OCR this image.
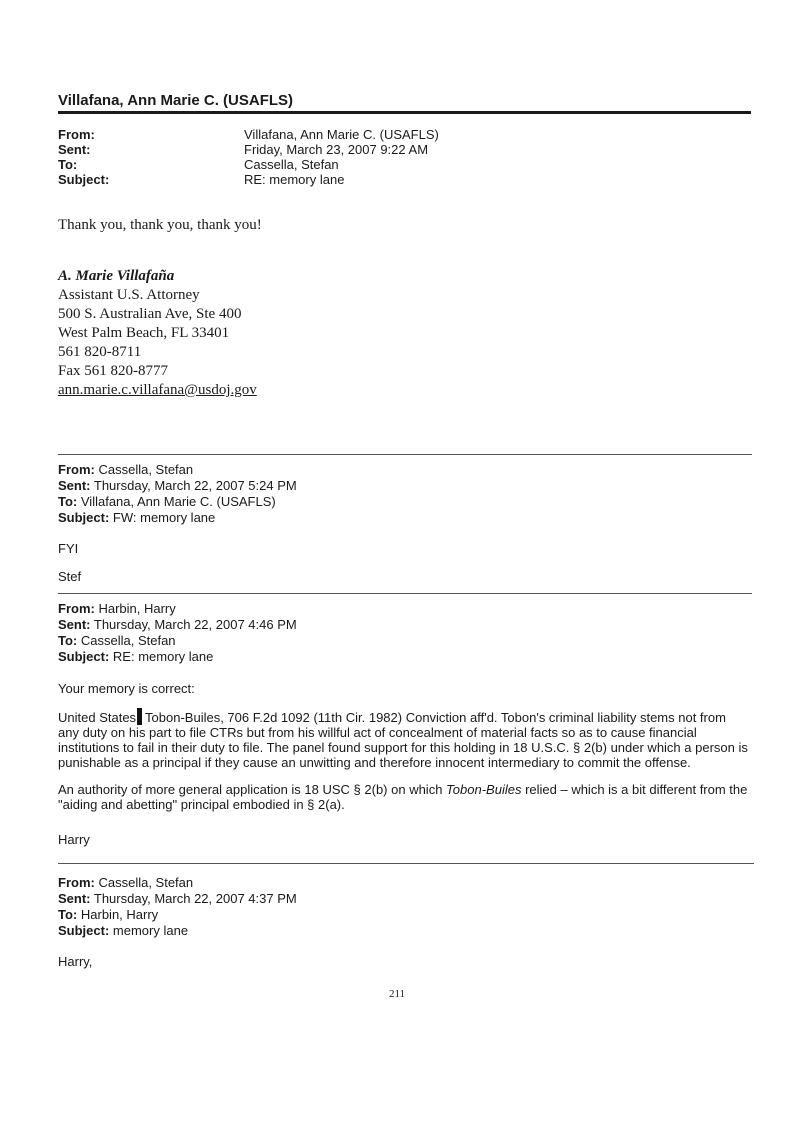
Villafana, Ann Marie C. (USAFLS)
From:	Villafana, Ann Marie C. (USAFLS)
Sent:	Friday, March 23, 2007 9:22 AM
To:	Cassella, Stefan
Subject:	RE: memory lane
Thank you, thank you, thank you!
A. Marie Villafaña
Assistant U.S. Attorney
500 S. Australian Ave, Ste 400
West Palm Beach, FL 33401
561 820-8711
Fax 561 820-8777
ann.marie.c.villafana@usdoj.gov
From: Cassella, Stefan
Sent: Thursday, March 22, 2007 5:24 PM
To: Villafana, Ann Marie C. (USAFLS)
Subject: FW: memory lane
FYI
Stef
From: Harbin, Harry
Sent: Thursday, March 22, 2007 4:46 PM
To: Cassella, Stefan
Subject: RE: memory lane
Your memory is correct:
United States Tobon-Builes, 706 F.2d 1092 (11th Cir. 1982) Conviction aff'd. Tobon's criminal liability stems not from any duty on his part to file CTRs but from his willful act of concealment of material facts so as to cause financial institutions to fail in their duty to file. The panel found support for this holding in 18 U.S.C. § 2(b) under which a person is punishable as a principal if they cause an unwitting and therefore innocent intermediary to commit the offense.
An authority of more general application is 18 USC § 2(b) on which Tobon-Builes relied – which is a bit different from the "aiding and abetting" principal embodied in § 2(a).
Harry
From: Cassella, Stefan
Sent: Thursday, March 22, 2007 4:37 PM
To: Harbin, Harry
Subject: memory lane
Harry,
211
